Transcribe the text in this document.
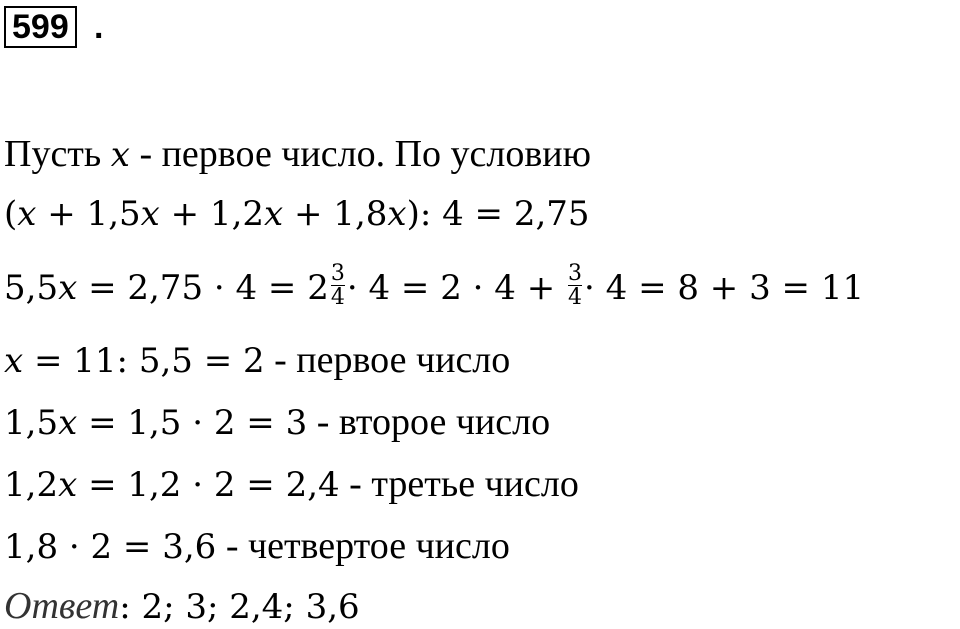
599 .
Пусть x - первое число. По условию
(x + 1,5x + 1,2x + 1,8x): 4 = 2,75
$5,5x = 2,75 \cdot 4 = 2 \frac{3}{4} \cdot 4 = 2 \cdot 4 + \frac{3}{4} \cdot 4 = 8 + 3 = 11$
x = 11: 5,5 = 2 - первое число
1,5x = 1,5 · 2 = 3 - второе число
1,2x = 1,2 · 2 = 2,4 - третье число
1,8 · 2 = 3,6 - четвертое число
Ответ: 2; 3; 2,4; 3,6
